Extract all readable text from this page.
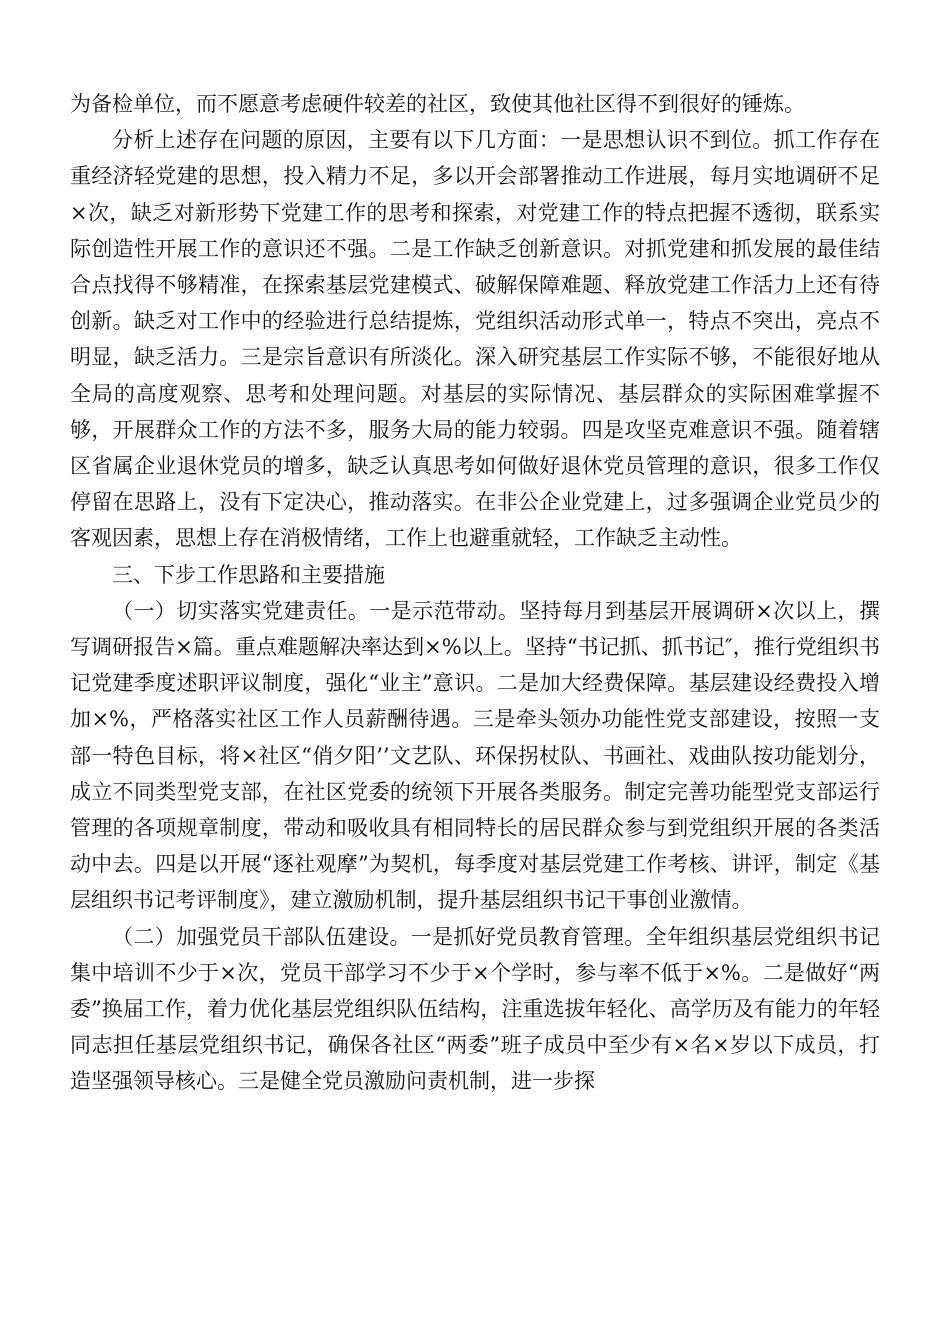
为备检单位，而不愿意考虑硬件较差的社区，致使其他社区得不到很好的锤炼。

分析上述存在问题的原因，主要有以下几方面：一是思想认识不到位。抓工作存在重经济轻党建的思想，投入精力不足，多以开会部署推动工作进展，每月实地调研不足×次，缺乏对新形势下党建工作的思考和探索，对党建工作的特点把握不透彻，联系实际创造性开展工作的意识还不强。二是工作缺乏创新意识。对抓党建和抓发展的最佳结合点找得不够精准，在探索基层党建模式、破解保障难题、释放党建工作活力上还有待创新。缺乏对工作中的经验进行总结提炼，党组织活动形式单一，特点不突出，亮点不明显，缺乏活力。三是宗旨意识有所淡化。深入研究基层工作实际不够，不能很好地从全局的高度观察、思考和处理问题。对基层的实际情况、基层群众的实际困难掌握不够，开展群众工作的方法不多，服务大局的能力较弱。四是攻坚克难意识不强。随着辖区省属企业退休党员的增多，缺乏认真思考如何做好退休党员管理的意识，很多工作仅停留在思路上，没有下定决心，推动落实。在非公企业党建上，过多强调企业党员少的客观因素，思想上存在消极情绪，工作上也避重就轻，工作缺乏主动性。

三、下步工作思路和主要措施

（一）切实落实党建责任。一是示范带动。坚持每月到基层开展调研×次以上，撰写调研报告×篇。重点难题解决率达到×%以上。坚持“书记抓、抓书记″，推行党组织书记党建季度述职评议制度，强化“业主”意识。二是加大经费保障。基层建设经费投入增加×%，严格落实社区工作人员薪酬待遇。三是牵头领办功能性党支部建设，按照一支部一特色目标，将×社区“俏夕阳’’文艺队、环保拐杖队、书画社、戏曲队按功能划分，成立不同类型党支部，在社区党委的统领下开展各类服务。制定完善功能型党支部运行管理的各项规章制度，带动和吸收具有相同特长的居民群众参与到党组织开展的各类活动中去。四是以开展“逐社观摩”为契机，每季度对基层党建工作考核、讲评，制定《基层组织书记考评制度》，建立激励机制，提升基层组织书记干事创业激情。

（二）加强党员干部队伍建设。一是抓好党员教育管理。全年组织基层党组织书记集中培训不少于×次，党员干部学习不少于×个学时，参与率不低于×%。二是做好“两委”换届工作，着力优化基层党组织队伍结构，注重选拔年轻化、高学历及有能力的年轻同志担任基层党组织书记，确保各社区“两委”班子成员中至少有×名×岁以下成员，打造坚强领导核心。三是健全党员激励问责机制，进一步探
